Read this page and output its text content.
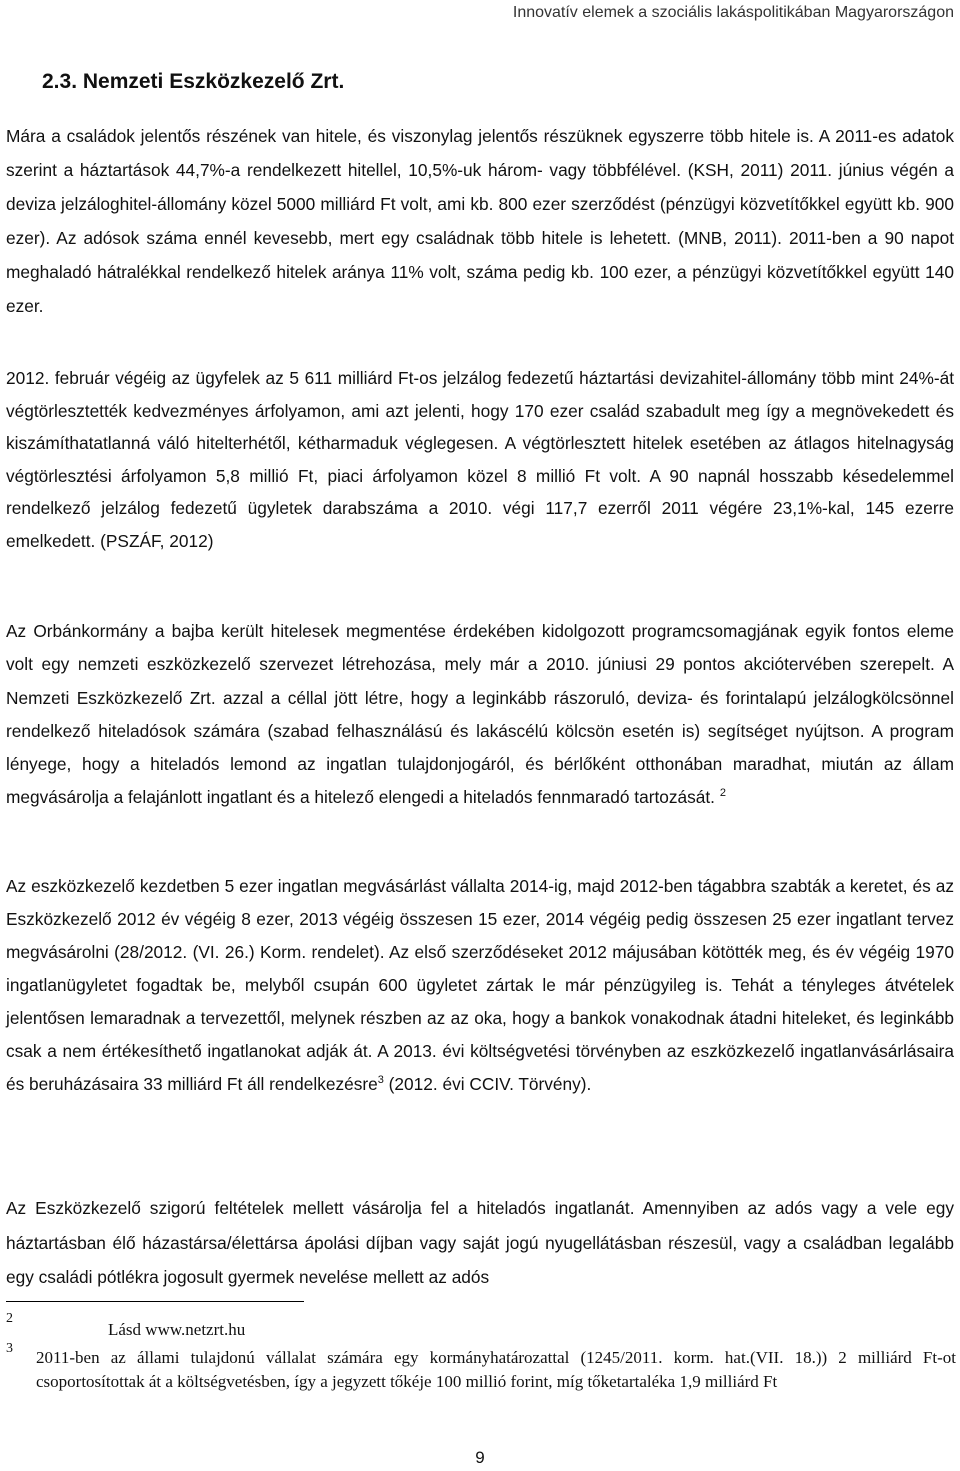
Innovatív elemek a szociális lakáspolitikában Magyarországon
2.3. Nemzeti Eszközkezelő Zrt.
Mára a családok jelentős részének van hitele, és viszonylag jelentős részüknek egyszerre több hitele is. A 2011-es adatok szerint a háztartások 44,7%-a rendelkezett hitellel, 10,5%-uk három- vagy többfélével. (KSH, 2011) 2011. június végén a deviza jelzáloghitel-állomány közel 5000 milliárd Ft volt, ami kb. 800 ezer szerződést (pénzügyi közvetítőkkel együtt kb. 900 ezer). Az adósok száma ennél kevesebb, mert egy családnak több hitele is lehetett. (MNB, 2011). 2011-ben a 90 napot meghaladó hátralékkal rendelkező hitelek aránya 11% volt, száma pedig kb. 100 ezer, a pénzügyi közvetítőkkel együtt 140 ezer.
2012. február végéig az ügyfelek az 5 611 milliárd Ft-os jelzálog fedezetű háztartási devizahitel-állomány több mint 24%-át végtörlesztették kedvezményes árfolyamon, ami azt jelenti, hogy 170 ezer család szabadult meg így a megnövekedett és kiszámíthatatlanná váló hitelterhétől, kétharmaduk véglegesen. A végtörlesztett hitelek esetében az átlagos hitelnagyság végtörlesztési árfolyamon 5,8 millió Ft, piaci árfolyamon közel 8 millió Ft volt. A 90 napnál hosszabb késedelemmel rendelkező jelzálog fedezetű ügyletek darabszáma a 2010. végi 117,7 ezerről 2011 végére 23,1%-kal, 145 ezerre emelkedett. (PSZÁF, 2012)
Az Orbánkormány a bajba került hitelesek megmentése érdekében kidolgozott programcsomagjának egyik fontos eleme volt egy nemzeti eszközkezelő szervezet létrehozása, mely már a 2010. júniusi 29 pontos akciótervében szerepelt. A Nemzeti Eszközkezelő Zrt. azzal a céllal jött létre, hogy a leginkább rászoruló, deviza- és forintalapú jelzálogkölcsönnel rendelkező hiteladósok számára (szabad felhasználású és lakáscélú kölcsön esetén is) segítséget nyújtson. A program lényege, hogy a hiteladós lemond az ingatlan tulajdonjogáról, és bérlőként otthonában maradhat, miután az állam megvásárolja a felajánlott ingatlant és a hitelező elengedi a hiteladós fennmaradó tartozását. $^2$
Az eszközkezelő kezdetben 5 ezer ingatlan megvásárlást vállalta 2014-ig, majd 2012-ben tágabbra szabták a keretet, és az Eszközkezelő 2012 év végéig 8 ezer, 2013 végéig összesen 15 ezer, 2014 végéig pedig összesen 25 ezer ingatlant tervez megvásárolni (28/2012. (VI. 26.) Korm. rendelet). Az első szerződéseket 2012 májusában kötötték meg, és év végéig 1970 ingatlanügyletet fogadtak be, melyből csupán 600 ügyletet zártak le már pénzügyileg is. Tehát a tényleges átvételek jelentősen lemaradnak a tervezettől, melynek részben az az oka, hogy a bankok vonakodnak átadni hiteleket, és leginkább csak a nem értékesíthető ingatlanokat adják át. A 2013. évi költségvetési törvényben az eszközkezelő ingatlanvásárlásaira és beruházásaira 33 milliárd Ft áll rendelkezésre$^3$ (2012. évi CCIV. Törvény).
Az Eszközkezelő szigorú feltételek mellett vásárolja fel a hiteladós ingatlanát. Amennyiben az adós vagy a vele egy háztartásban élő házastársa/élettársa ápolási díjban vagy saját jogú nyugellátásban részesül, vagy a családban legalább egy családi pótlékra jogosult gyermek nevelése mellett az adós
2
Lásd www.netzrt.hu
3 2011-ben az állami tulajdonú vállalat számára egy kormányhatározattal (1245/2011. korm. hat.(VII. 18.)) 2 milliárd Ft-ot csoportosítottak át a költségvetésben, így a jegyzett tőkéje 100 millió forint, míg tőketartaléka 1,9 milliárd Ft
9
